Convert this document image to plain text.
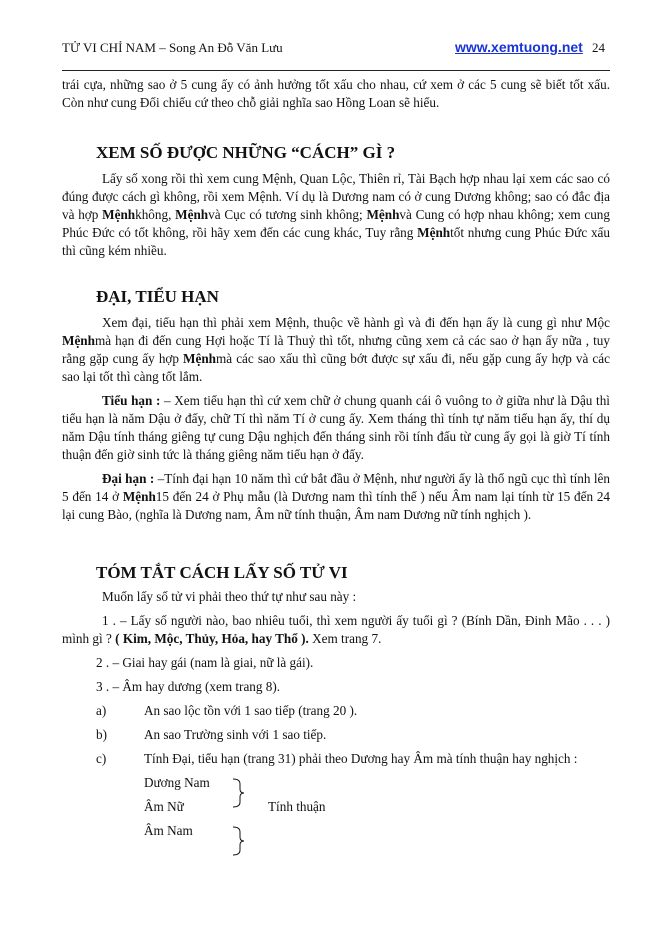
TỬ VI CHỈ NAM – Song An Đỗ Văn Lưu	www.xemtuong.net 24

trái cựa, những sao ở 5 cung ấy có ảnh hưởng tốt xấu cho nhau, cứ xem ở các 5 cung sẽ biết tốt xấu. Còn như cung Đối chiếu cứ theo chỗ giải nghĩa sao Hồng Loan sẽ hiểu.

XEM SỐ ĐƯỢC NHỮNG “CÁCH” GÌ ?

Lấy số xong rồi thì xem cung Mệnh, Quan Lộc, Thiên rỉ, Tài Bạch hợp nhau lại xem các sao có đúng được cách gì không, rồi xem Mệnh. Ví dụ là Dương nam có ở cung Dương không; sao có đắc địa và hợp Mệnhkhông, Mệnhvà Cục có tương sinh không; Mệnhvà Cung có hợp nhau không; xem cung Phúc Đức có tốt không, rồi hãy xem đến các cung khác, Tuy rằng Mệnhtốt nhưng cung Phúc Đức xấu thì cũng kém nhiều.

ĐẠI, TIỂU HẠN

Xem đại, tiểu hạn thì phải xem Mệnh, thuộc về hành gì và đi đến hạn ấy là cung gì như Mộc Mệnhmà hạn đi đến cung Hợi hoặc Tí là Thuỷ thì tốt, nhưng cũng xem cả các sao ở hạn ấy nữa , tuy rằng gặp cung ấy hợp Mệnhmà các sao xấu thì cũng bớt được sự xấu đi, nếu gặp cung ấy hợp và các sao lại tốt thì càng tốt lắm.

Tiểu hạn : – Xem tiểu hạn thì cứ xem chữ ở chung quanh cái ô vuông to ở giữa như là Dậu thì tiểu hạn là năm Dậu ở đấy, chữ Tí thì năm Tí ở cung ấy. Xem tháng thì tính tự năm tiểu hạn ấy, thí dụ năm Dậu tính tháng giêng tự cung Dậu nghịch đến tháng sinh rồi tính đấu từ cung ấy gọi là giờ Tí tính thuận đến giờ sinh tức là tháng giêng năm tiểu hạn ở đấy.

Đại hạn : –Tính đại hạn 10 năm thì cứ bắt đầu ở Mệnh, như người ấy là thổ ngũ cục thì tính lên 5 đến 14 ở Mệnh15 đến 24 ở Phụ mẫu (là Dương nam thì tính thế ) nếu Âm nam lại tính từ 15 đến 24 lại cung Bào, (nghĩa là Dương nam, Âm nữ tính thuận, Âm nam Dương nữ tính nghịch ).

TÓM TẮT CÁCH LẤY SỐ TỬ VI

Muốn lấy số tử vi phải theo thứ tự như sau này :

1 . – Lấy số người nào, bao nhiêu tuổi, thì xem người ấy tuổi gì ? (Bính Dần, Đinh Mão . . . ) mình gì ? ( Kim, Mộc, Thủy, Hỏa, hay Thổ ). Xem trang 7.

2 . – Giai hay gái (nam là giai, nữ là gái).

3 . – Âm hay dương (xem trang 8).

a)	An sao lộc tồn với 1 sao tiếp (trang 20 ).

b)	An sao Trường sinh với 1 sao tiếp.

c)	Tính Đại, tiểu hạn (trang 31) phải theo Dương hay Âm mà tính thuận hay nghịch :

Dương Nam
Âm Nữ
Âm Nam
Tính thuận
